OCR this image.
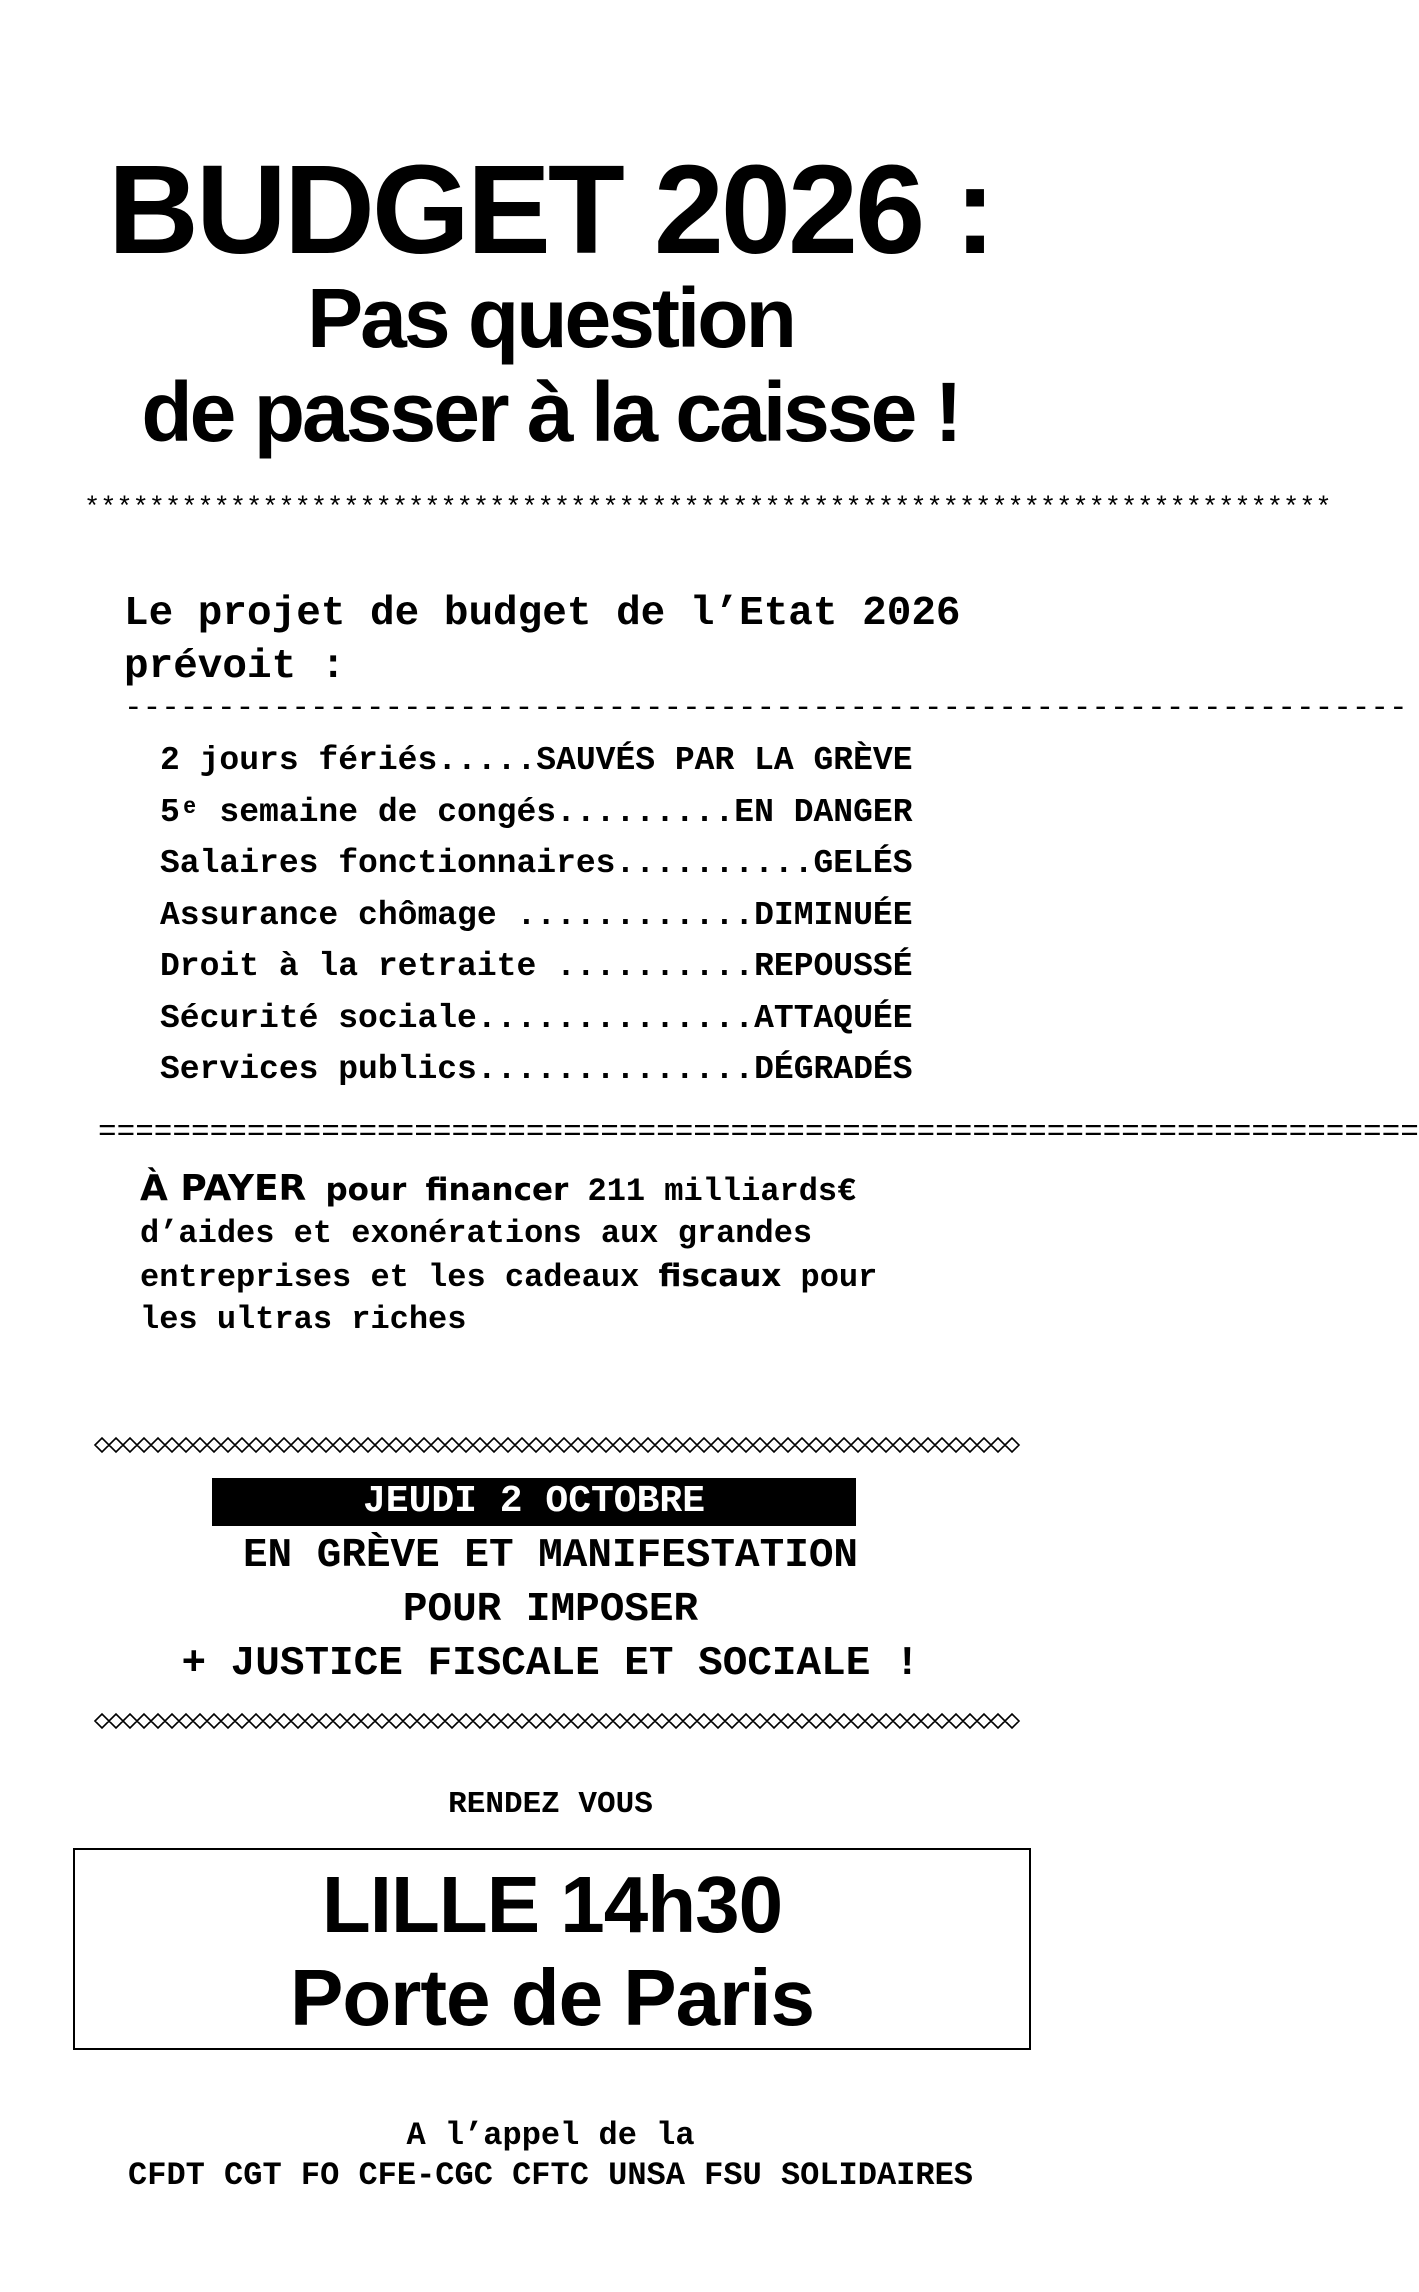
BUDGET 2026 :
Pas question
de passer à la caisse !
*****************************************************************************
Le projet de budget de l’Etat 2026 prévoit :
---------------------------------------------------------------------
2 jours fériés.....SAUVÉS PAR LA GRÈVE
5ᵉ semaine de congés.........EN DANGER
Salaires fonctionnaires..........GELÉS
Assurance chômage ............DIMINUÉE
Droit à la retraite ..........REPOUSSÉ
Sécurité sociale..............ATTAQUÉE
Services publics..............DÉGRADÉS
=======================================================================
À PAYER pour financer 211 milliards€
d’aides et exonérations aux grandes
entreprises et les cadeaux fiscaux pour
les ultras riches
JEUDI 2 OCTOBRE
EN GRÈVE ET MANIFESTATION
POUR IMPOSER
+ JUSTICE FISCALE ET SOCIALE !
RENDEZ VOUS
LILLE 14h30
Porte de Paris
A l’appel de la
CFDT CGT FO CFE-CGC CFTC UNSA FSU SOLIDAIRES
